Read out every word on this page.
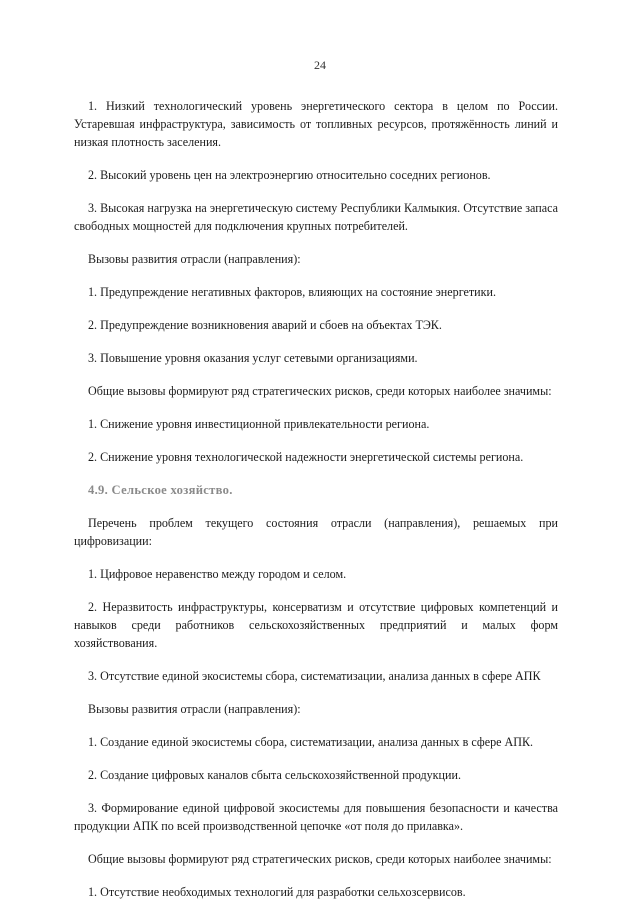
24

1. Низкий технологический уровень энергетического сектора в целом по России. Устаревшая инфраструктура, зависимость от топливных ресурсов, протяжённость линий и низкая плотность заселения.

2. Высокий уровень цен на электроэнергию относительно соседних регионов.

3. Высокая нагрузка на энергетическую систему Республики Калмыкия. Отсутствие запаса свободных мощностей для подключения крупных потребителей.

Вызовы развития отрасли (направления):

1. Предупреждение негативных факторов, влияющих на состояние энергетики.

2. Предупреждение возникновения аварий и сбоев на объектах ТЭК.

3. Повышение уровня оказания услуг сетевыми организациями.

Общие вызовы формируют ряд стратегических рисков, среди которых наиболее значимы:

1. Снижение уровня инвестиционной привлекательности региона.

2. Снижение уровня технологической надежности энергетической системы региона.

4.9. Сельское хозяйство.

Перечень проблем текущего состояния отрасли (направления), решаемых при цифровизации:

1. Цифровое неравенство между городом и селом.

2. Неразвитость инфраструктуры, консерватизм и отсутствие цифровых компетенций и навыков среди работников сельскохозяйственных предприятий и малых форм хозяйствования.

3. Отсутствие единой экосистемы сбора, систематизации, анализа данных в сфере АПК

Вызовы развития отрасли (направления):

1. Создание единой экосистемы сбора, систематизации, анализа данных в сфере АПК.

2. Создание цифровых каналов сбыта сельскохозяйственной продукции.

3. Формирование единой цифровой экосистемы для повышения безопасности и качества продукции АПК по всей производственной цепочке «от поля до прилавка».

Общие вызовы формируют ряд стратегических рисков, среди которых наиболее значимы:

1. Отсутствие необходимых технологий для разработки сельхозсервисов.
